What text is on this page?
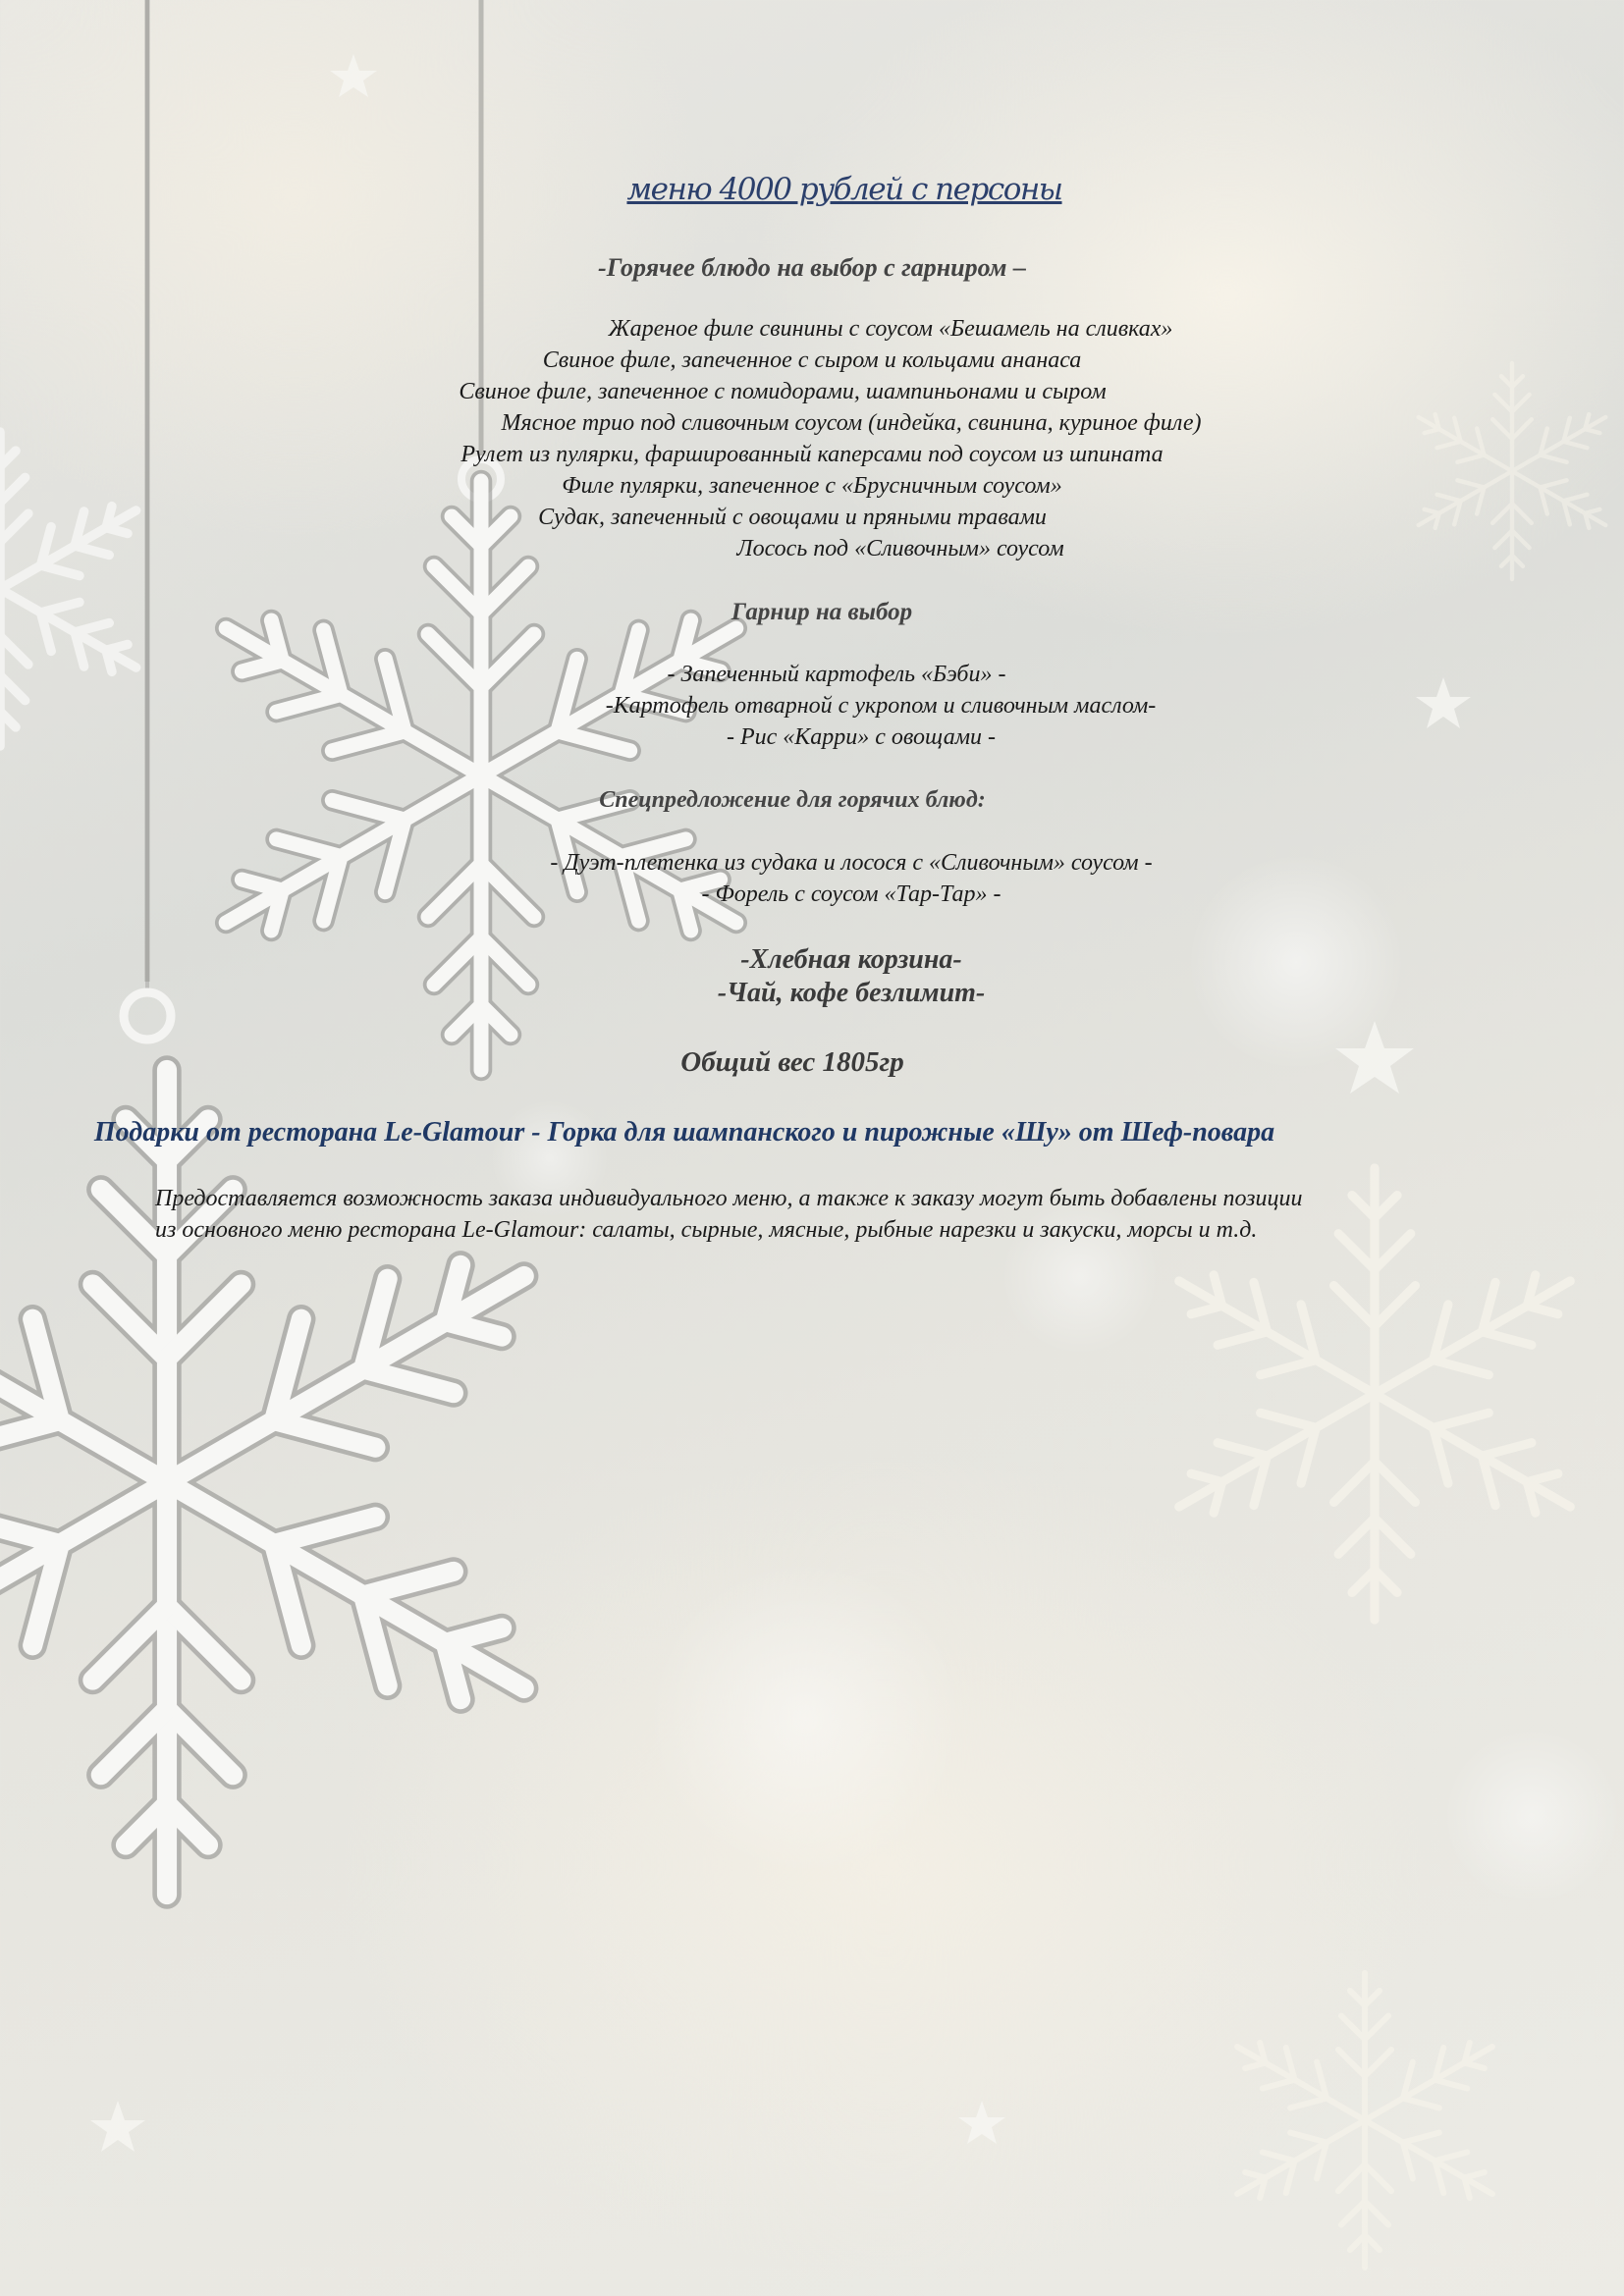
меню 4000 рублей с персоны
-Горячее блюдо на выбор с гарниром –
Жареное филе свинины с соусом «Бешамель на сливках»
Свиное филе, запеченное с сыром и кольцами ананаса
Свиное филе, запеченное с помидорами, шампиньонами и сыром
Мясное трио под сливочным соусом (индейка, свинина, куриное филе)
Рулет из пулярки, фаршированный каперсами под соусом из шпината
Филе пулярки, запеченное с «Брусничным соусом»
Судак, запеченный с овощами и пряными травами
Лосось под «Сливочным» соусом
Гарнир на выбор
- Запеченный картофель «Бэби» -
-Картофель отварной с укропом и сливочным маслом-
- Рис «Карри» с овощами -
Спецпредложение для горячих блюд:
- Дуэт-плетенка из судака и лосося с «Сливочным» соусом -
- Форель с соусом «Тар-Тар» -
-Хлебная корзина-
-Чай, кофе безлимит-
Общий вес 1805гр
Подарки от ресторана Le-Glamour - Горка для шампанского и пирожные «Шу» от Шеф-повара
Предоставляется возможность заказа индивидуального меню, а также к заказу могут быть добавлены позиции
из основного меню ресторана Le-Glamour: салаты, сырные, мясные, рыбные нарезки и закуски, морсы и т.д.
